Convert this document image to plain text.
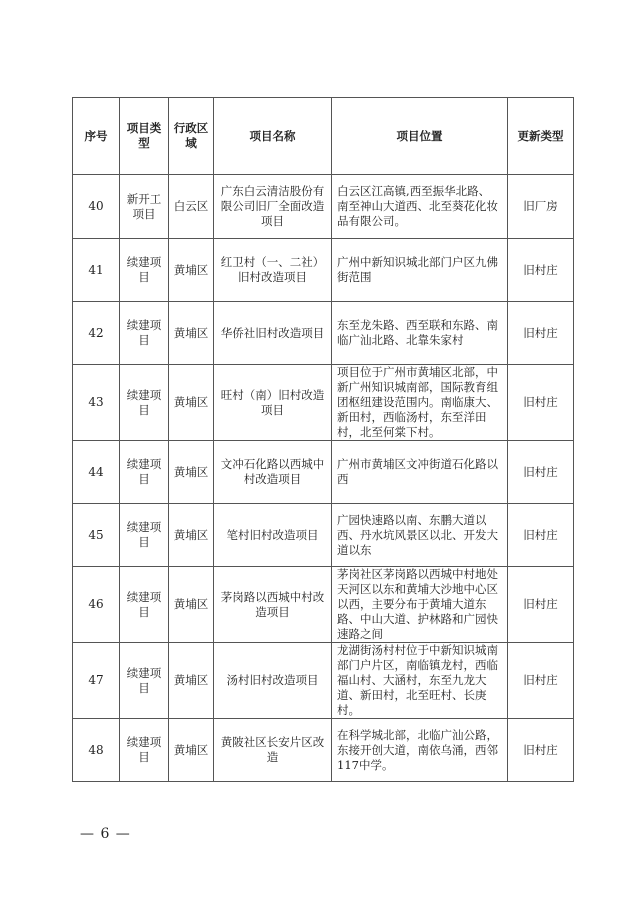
序号	项目类型	行政区域	项目名称	项目位置	更新类型
40	新开工项目	白云区	广东白云清洁股份有限公司旧厂全面改造项目	白云区江高镇,西至振华北路、南至神山大道西、北至葵花化妆品有限公司。	旧厂房
41	续建项目	黄埔区	红卫村（一、二社）旧村改造项目	广州中新知识城北部门户区九佛街范围	旧村庄
42	续建项目	黄埔区	华侨社旧村改造项目	东至龙朱路、西至联和东路、南临广汕北路、北靠朱家村	旧村庄
43	续建项目	黄埔区	旺村（南）旧村改造项目	项目位于广州市黄埔区北部，中新广州知识城南部，国际教育组团枢纽建设范围内。南临康大、新田村，西临汤村，东至洋田村，北至何棠下村。	旧村庄
44	续建项目	黄埔区	文冲石化路以西城中村改造项目	广州市黄埔区文冲街道石化路以西	旧村庄
45	续建项目	黄埔区	笔村旧村改造项目	广园快速路以南、东鹏大道以西、丹水坑风景区以北、开发大道以东	旧村庄
46	续建项目	黄埔区	茅岗路以西城中村改造项目	茅岗社区茅岗路以西城中村地处天河区以东和黄埔大沙地中心区以西，主要分布于黄埔大道东路、中山大道、护林路和广园快速路之间	旧村庄
47	续建项目	黄埔区	汤村旧村改造项目	龙湖街汤村村位于中新知识城南部门户片区，南临镇龙村，西临福山村、大涵村，东至九龙大道、新田村，北至旺村、长庚村。	旧村庄
48	续建项目	黄埔区	黄陂社区长安片区改造	在科学城北部，北临广汕公路，东接开创大道，南依乌涌，西邻117中学。	旧村庄
— 6 —
